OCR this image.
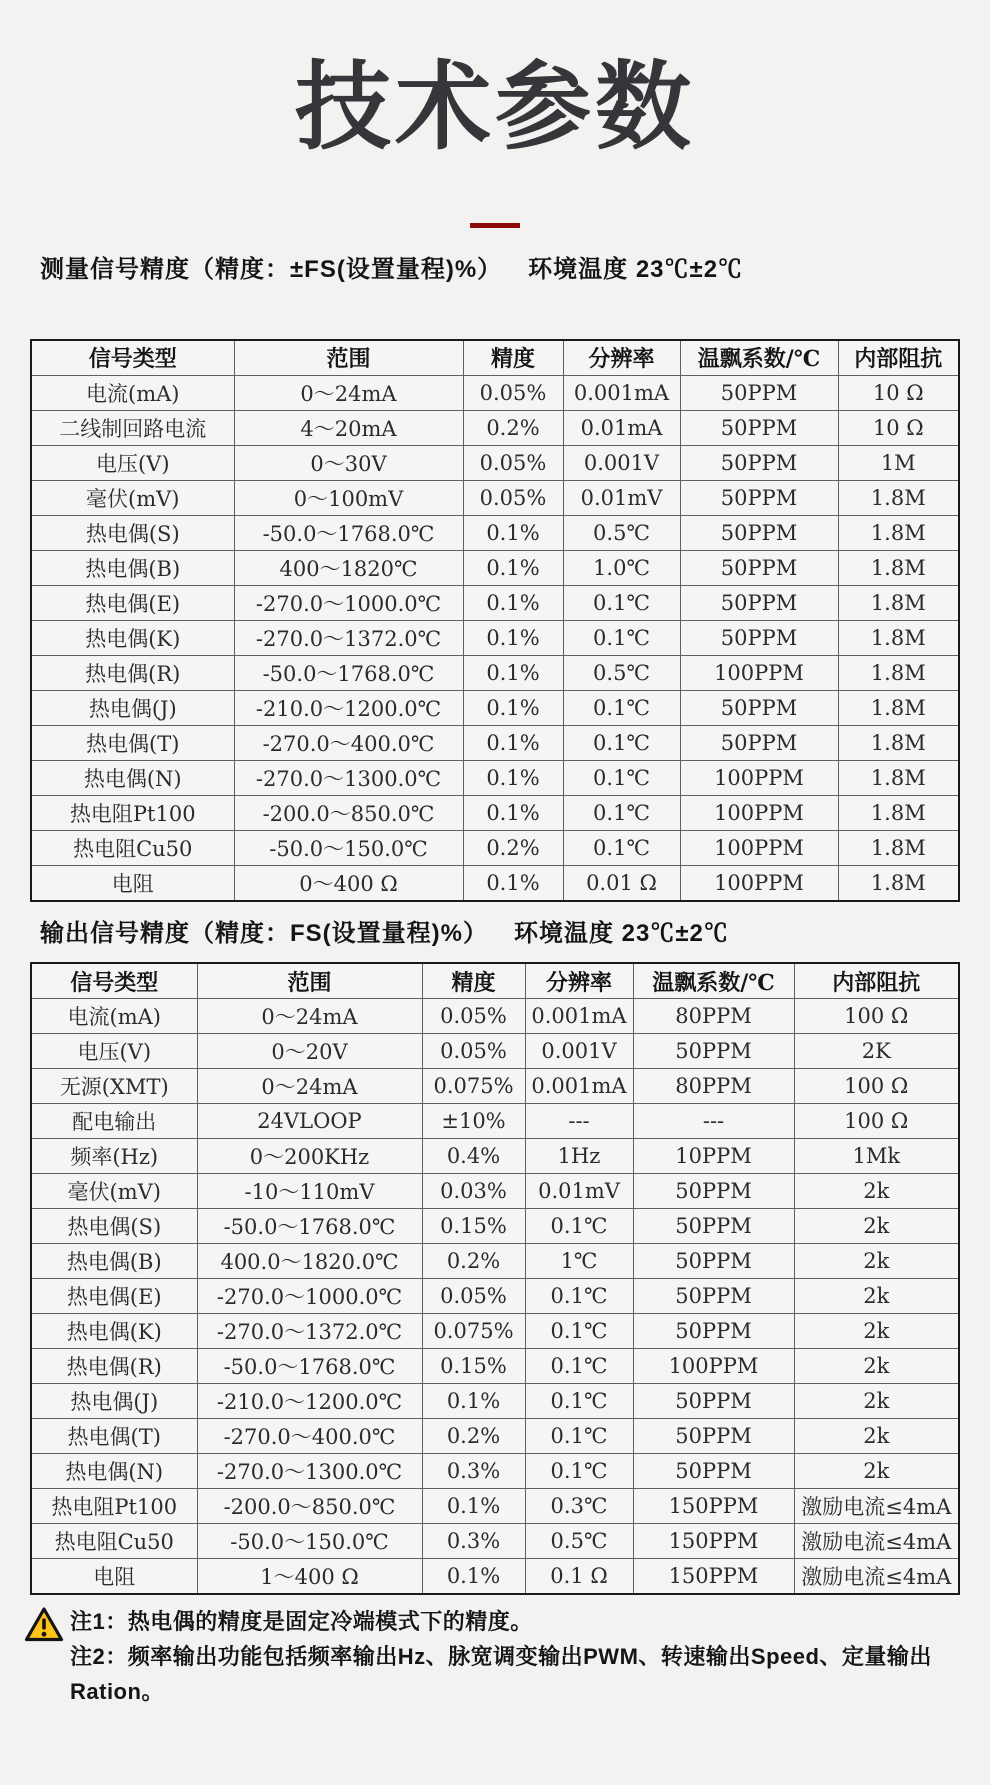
技术参数
测量信号精度（精度：±FS(设置量程)%） 环境温度 23℃±2℃
信号类型	范围	精度	分辨率	温飘系数/℃	内部阻抗
电流(mA)	0～24mA	0.05%	0.001mA	50PPM	10 Ω
二线制回路电流	4～20mA	0.2%	0.01mA	50PPM	10 Ω
电压(V)	0～30V	0.05%	0.001V	50PPM	1M
毫伏(mV)	0～100mV	0.05%	0.01mV	50PPM	1.8M
热电偶(S)	-50.0～1768.0℃	0.1%	0.5℃	50PPM	1.8M
热电偶(B)	400～1820℃	0.1%	1.0℃	50PPM	1.8M
热电偶(E)	-270.0～1000.0℃	0.1%	0.1℃	50PPM	1.8M
热电偶(K)	-270.0～1372.0℃	0.1%	0.1℃	50PPM	1.8M
热电偶(R)	-50.0～1768.0℃	0.1%	0.5℃	100PPM	1.8M
热电偶(J)	-210.0～1200.0℃	0.1%	0.1℃	50PPM	1.8M
热电偶(T)	-270.0～400.0℃	0.1%	0.1℃	50PPM	1.8M
热电偶(N)	-270.0～1300.0℃	0.1%	0.1℃	100PPM	1.8M
热电阻Pt100	-200.0～850.0℃	0.1%	0.1℃	100PPM	1.8M
热电阻Cu50	-50.0～150.0℃	0.2%	0.1℃	100PPM	1.8M
电阻	0～400 Ω	0.1%	0.01 Ω	100PPM	1.8M
输出信号精度（精度：FS(设置量程)%） 环境温度 23℃±2℃
信号类型	范围	精度	分辨率	温飘系数/℃	内部阻抗
电流(mA)	0～24mA	0.05%	0.001mA	80PPM	100 Ω
电压(V)	0～20V	0.05%	0.001V	50PPM	2K
无源(XMT)	0～24mA	0.075%	0.001mA	80PPM	100 Ω
配电输出	24VLOOP	±10%	---	---	100 Ω
频率(Hz)	0～200KHz	0.4%	1Hz	10PPM	1Mk
毫伏(mV)	-10～110mV	0.03%	0.01mV	50PPM	2k
热电偶(S)	-50.0～1768.0℃	0.15%	0.1℃	50PPM	2k
热电偶(B)	400.0～1820.0℃	0.2%	1℃	50PPM	2k
热电偶(E)	-270.0～1000.0℃	0.05%	0.1℃	50PPM	2k
热电偶(K)	-270.0～1372.0℃	0.075%	0.1℃	50PPM	2k
热电偶(R)	-50.0～1768.0℃	0.15%	0.1℃	100PPM	2k
热电偶(J)	-210.0～1200.0℃	0.1%	0.1℃	50PPM	2k
热电偶(T)	-270.0～400.0℃	0.2%	0.1℃	50PPM	2k
热电偶(N)	-270.0～1300.0℃	0.3%	0.1℃	50PPM	2k
热电阻Pt100	-200.0～850.0℃	0.1%	0.3℃	150PPM	激励电流≤4mA
热电阻Cu50	-50.0～150.0℃	0.3%	0.5℃	150PPM	激励电流≤4mA
电阻	1～400 Ω	0.1%	0.1 Ω	150PPM	激励电流≤4mA

注1：热电偶的精度是固定冷端模式下的精度。

注2：频率输出功能包括频率输出Hz、脉宽调变输出PWM、转速输出Speed、定量输出Ration。
